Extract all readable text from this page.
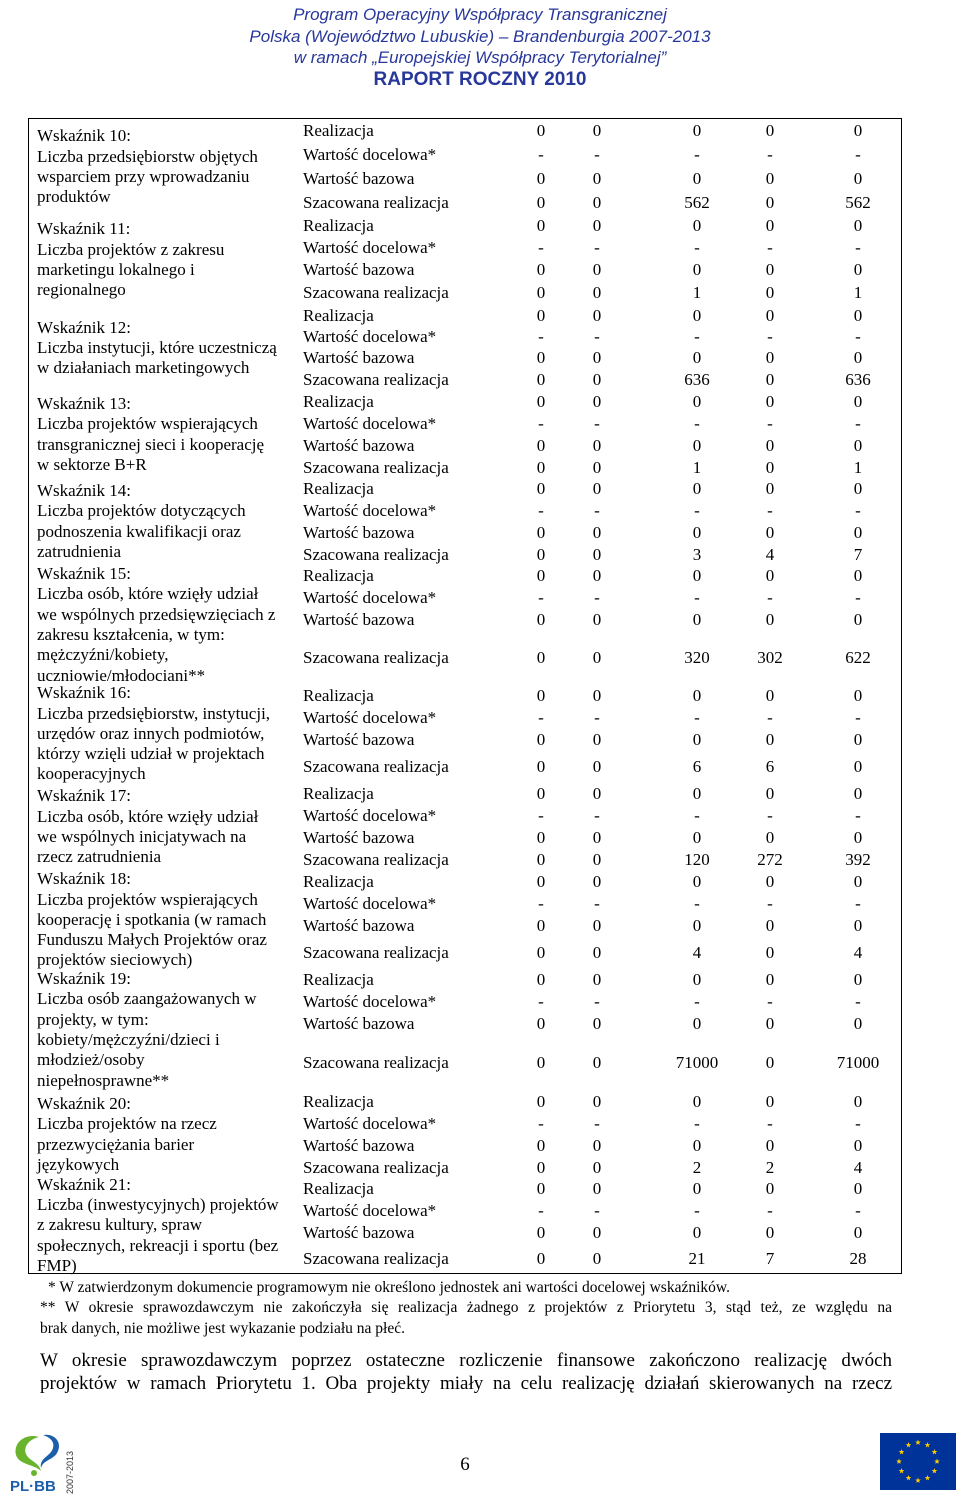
Program Operacyjny Współpracy Transgranicznej
Polska (Województwo Lubuskie) – Brandenburgia 2007-2013
w ramach „Europejskiej Współpracy Terytorialnej”
RAPORT ROCZNY 2010
Wskaźnik 10:
Liczba przedsiębiorstw objętych
wsparciem przy wprowadzaniu
produktów
Realizacja	0	0	0	0	0
Wartość docelowa*	-	-	-	-	-
Wartość bazowa	0	0	0	0	0
Szacowana realizacja	0	0	562	0	562
Wskaźnik 11:
Liczba projektów z zakresu
marketingu lokalnego i
regionalnego
Realizacja	0	0	0	0	0
Wartość docelowa*	-	-	-	-	-
Wartość bazowa	0	0	0	0	0
Szacowana realizacja	0	0	1	0	1
Wskaźnik 12:
Liczba instytucji, które uczestniczą
w działaniach marketingowych
Realizacja	0	0	0	0	0
Wartość docelowa*	-	-	-	-	-
Wartość bazowa	0	0	0	0	0
Szacowana realizacja	0	0	636	0	636
Wskaźnik 13:
Liczba projektów wspierających
transgranicznej sieci i kooperację
w sektorze B+R
Realizacja	0	0	0	0	0
Wartość docelowa*	-	-	-	-	-
Wartość bazowa	0	0	0	0	0
Szacowana realizacja	0	0	1	0	1
Wskaźnik 14:
Liczba projektów dotyczących
podnoszenia kwalifikacji oraz
zatrudnienia
Realizacja	0	0	0	0	0
Wartość docelowa*	-	-	-	-	-
Wartość bazowa	0	0	0	0	0
Szacowana realizacja	0	0	3	4	7
Wskaźnik 15:
Liczba osób, które wzięły udział
we wspólnych przedsięwzięciach z
zakresu kształcenia, w tym:
mężczyźni/kobiety,
uczniowie/młodociani**
Realizacja	0	0	0	0	0
Wartość docelowa*	-	-	-	-	-
Wartość bazowa	0	0	0	0	0
Szacowana realizacja	0	0	320	302	622
Wskaźnik 16:
Liczba przedsiębiorstw, instytucji,
urzędów oraz innych podmiotów,
którzy wzięli udział w projektach
kooperacyjnych
Realizacja	0	0	0	0	0
Wartość docelowa*	-	-	-	-	-
Wartość bazowa	0	0	0	0	0
Szacowana realizacja	0	0	6	6	0
Wskaźnik 17:
Liczba osób, które wzięły udział
we wspólnych inicjatywach na
rzecz zatrudnienia
Realizacja	0	0	0	0	0
Wartość docelowa*	-	-	-	-	-
Wartość bazowa	0	0	0	0	0
Szacowana realizacja	0	0	120	272	392
Wskaźnik 18:
Liczba projektów wspierających
kooperację i spotkania (w ramach
Funduszu Małych Projektów oraz
projektów sieciowych)
Realizacja	0	0	0	0	0
Wartość docelowa*	-	-	-	-	-
Wartość bazowa	0	0	0	0	0
Szacowana realizacja	0	0	4	0	4
Wskaźnik 19:
Liczba osób zaangażowanych w
projekty, w tym:
kobiety/mężczyźni/dzieci i
młodzież/osoby
niepełnosprawne**
Realizacja	0	0	0	0	0
Wartość docelowa*	-	-	-	-	-
Wartość bazowa	0	0	0	0	0
Szacowana realizacja	0	0	71000	0	71000
Wskaźnik 20:
Liczba projektów na rzecz
przezwyciężania barier
językowych
Realizacja	0	0	0	0	0
Wartość docelowa*	-	-	-	-	-
Wartość bazowa	0	0	0	0	0
Szacowana realizacja	0	0	2	2	4
Wskaźnik 21:
Liczba (inwestycyjnych) projektów
z zakresu kultury, spraw
społecznych, rekreacji i sportu (bez
FMP)
Realizacja	0	0	0	0	0
Wartość docelowa*	-	-	-	-	-
Wartość bazowa	0	0	0	0	0
Szacowana realizacja	0	0	21	7	28
* W zatwierdzonym dokumencie programowym nie określono jednostek ani wartości docelowej wskaźników.
** W okresie sprawozdawczym nie zakończyła się realizacja żadnego z projektów z Priorytetu 3, stąd też, ze względu na
brak danych, nie możliwe jest wykazanie podziału na płeć.
W okresie sprawozdawczym poprzez ostateczne rozliczenie finansowe zakończono realizację dwóch
projektów w ramach Priorytetu 1. Oba projekty miały na celu realizację działań skierowanych na rzecz
PL·BB 2007-2013	6
